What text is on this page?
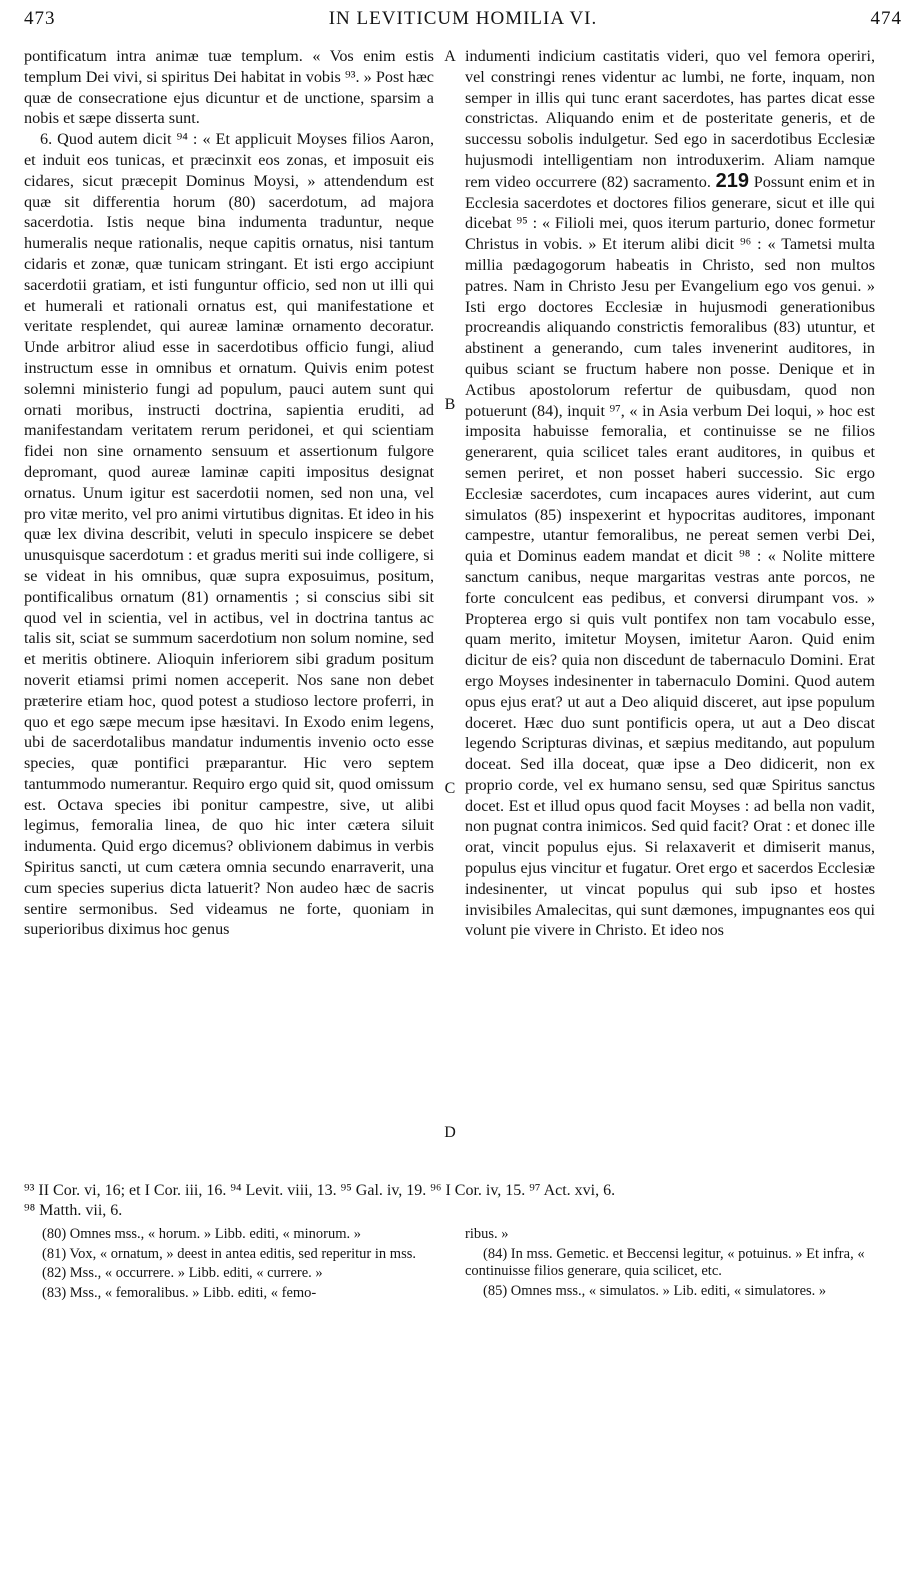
473	IN LEVITICUM HOMILIA VI.	474
A
B
C
D

pontificatum intra animæ tuæ templum. « Vos enim estis templum Dei vivi, si spiritus Dei habitat in vobis ⁹³. » Post hæc quæ de consecratione ejus dicuntur et de unctione, sparsim a nobis et sæpe disserta sunt.

6. Quod autem dicit ⁹⁴ : « Et applicuit Moyses filios Aaron, et induit eos tunicas, et præcinxit eos zonas, et imposuit eis cidares, sicut præcepit Dominus Moysi, » attendendum est quæ sit differentia horum (80) sacerdotum, ad majora sacerdotia. Istis neque bina indumenta traduntur, neque humeralis neque rationalis, neque capitis ornatus, nisi tantum cidaris et zonæ, quæ tunicam stringant. Et isti ergo accipiunt sacerdotii gratiam, et isti funguntur officio, sed non ut illi qui et humerali et rationali ornatus est, qui manifestatione et veritate resplendet, qui aureæ laminæ ornamento decoratur. Unde arbitror aliud esse in sacerdotibus officio fungi, aliud instructum esse in omnibus et ornatum. Quivis enim potest solemni ministerio fungi ad populum, pauci autem sunt qui ornati moribus, instructi doctrina, sapientia eruditi, ad manifestandam veritatem rerum peridonei, et qui scientiam fidei non sine ornamento sensuum et assertionum fulgore depromant, quod aureæ laminæ capiti impositus designat ornatus. Unum igitur est sacerdotii nomen, sed non una, vel pro vitæ merito, vel pro animi virtutibus dignitas. Et ideo in his quæ lex divina describit, veluti in speculo inspicere se debet unusquisque sacerdotum : et gradus meriti sui inde colligere, si se videat in his omnibus, quæ supra exposuimus, positum, pontificalibus ornatum (81) ornamentis ; si conscius sibi sit quod vel in scientia, vel in actibus, vel in doctrina tantus ac talis sit, sciat se summum sacerdotium non solum nomine, sed et meritis obtinere. Alioquin inferiorem sibi gradum positum noverit etiamsi primi nomen acceperit. Nos sane non debet præterire etiam hoc, quod potest a studioso lectore proferri, in quo et ego sæpe mecum ipse hæsitavi. In Exodo enim legens, ubi de sacerdotalibus mandatur indumentis invenio octo esse species, quæ pontifici præparantur. Hic vero septem tantummodo numerantur. Requiro ergo quid sit, quod omissum est. Octava species ibi ponitur campestre, sive, ut alibi legimus, femoralia linea, de quo hic inter cætera siluit indumenta. Quid ergo dicemus? oblivionem dabimus in verbis Spiritus sancti, ut cum cætera omnia secundo enarraverit, una cum species superius dicta latuerit? Non audeo hæc de sacris sentire sermonibus. Sed videamus ne forte, quoniam in superioribus diximus hoc genus

indumenti indicium castitatis videri, quo vel femora operiri, vel constringi renes videntur ac lumbi, ne forte, inquam, non semper in illis qui tunc erant sacerdotes, has partes dicat esse constrictas. Aliquando enim et de posteritate generis, et de successu sobolis indulgetur. Sed ego in sacerdotibus Ecclesiæ hujusmodi intelligentiam non introduxerim. Aliam namque rem video occurrere (82) sacramento. 219 Possunt enim et in Ecclesia sacerdotes et doctores filios generare, sicut et ille qui dicebat ⁹⁵ : « Filioli mei, quos iterum parturio, donec formetur Christus in vobis. » Et iterum alibi dicit ⁹⁶ : « Tametsi multa millia pædagogorum habeatis in Christo, sed non multos patres. Nam in Christo Jesu per Evangelium ego vos genui. » Isti ergo doctores Ecclesiæ in hujusmodi generationibus procreandis aliquando constrictis femoralibus (83) utuntur, et abstinent a generando, cum tales invenerint auditores, in quibus sciant se fructum habere non posse. Denique et in Actibus apostolorum refertur de quibusdam, quod non potuerunt (84), inquit ⁹⁷, « in Asia verbum Dei loqui, » hoc est imposita habuisse femoralia, et continuisse se ne filios generarent, quia scilicet tales erant auditores, in quibus et semen periret, et non posset haberi successio. Sic ergo Ecclesiæ sacerdotes, cum incapaces aures viderint, aut cum simulatos (85) inspexerint et hypocritas auditores, imponant campestre, utantur femoralibus, ne pereat semen verbi Dei, quia et Dominus eadem mandat et dicit ⁹⁸ : « Nolite mittere sanctum canibus, neque margaritas vestras ante porcos, ne forte conculcent eas pedibus, et conversi dirumpant vos. » Propterea ergo si quis vult pontifex non tam vocabulo esse, quam merito, imitetur Moysen, imitetur Aaron. Quid enim dicitur de eis? quia non discedunt de tabernaculo Domini. Erat ergo Moyses indesinenter in tabernaculo Domini. Quod autem opus ejus erat? ut aut a Deo aliquid disceret, aut ipse populum doceret. Hæc duo sunt pontificis opera, ut aut a Deo discat legendo Scripturas divinas, et sæpius meditando, aut populum doceat. Sed illa doceat, quæ ipse a Deo didicerit, non ex proprio corde, vel ex humano sensu, sed quæ Spiritus sanctus docet. Est et illud opus quod facit Moyses : ad bella non vadit, non pugnat contra inimicos. Sed quid facit? Orat : et donec ille orat, vincit populus ejus. Si relaxaverit et dimiserit manus, populus ejus vincitur et fugatur. Oret ergo et sacerdos Ecclesiæ indesinenter, ut vincat populus qui sub ipso et hostes invisibiles Amalecitas, qui sunt dæmones, impugnantes eos qui volunt pie vivere in Christo. Et ideo nos

⁹³ II Cor. vi, 16; et I Cor. iii, 16. ⁹⁴ Levit. viii, 13. ⁹⁵ Gal. iv, 19. ⁹⁶ I Cor. iv, 15. ⁹⁷ Act. xvi, 6.
⁹⁸ Matth. vii, 6.

(80) Omnes mss., « horum. » Libb. editi, « minorum. »

(81) Vox, « ornatum, » deest in antea editis, sed reperitur in mss.

(82) Mss., « occurrere. » Libb. editi, « currere. »

(83) Mss., « femoralibus. » Libb. editi, « femo-

ribus. »

(84) In mss. Gemetic. et Beccensi legitur, « potuinus. » Et infra, « continuisse filios generare, quia scilicet, etc.

(85) Omnes mss., « simulatos. » Lib. editi, « simulatores. »
